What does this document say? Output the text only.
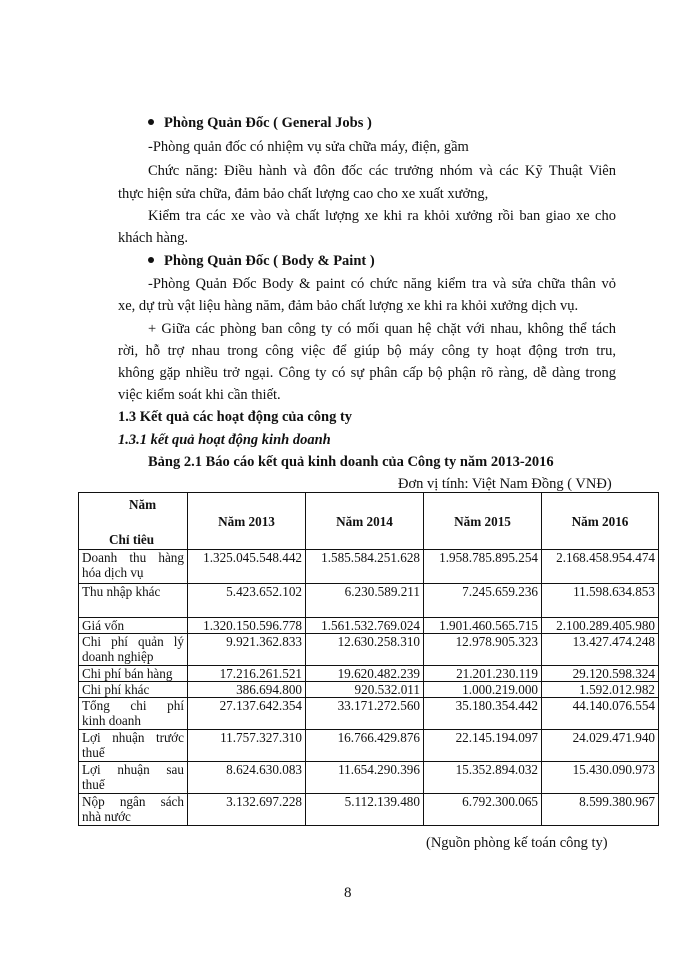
Phòng Quản Đốc ( General Jobs )
-Phòng quản đốc có nhiệm vụ sửa chữa máy, điện, gầm
Chức năng: Điều hành và đôn đốc các trưởng nhóm và các Kỹ Thuật Viên
thực hiện sửa chữa, đảm bảo chất lượng cao cho xe xuất xưởng,
Kiểm tra các xe vào và chất lượng xe khi ra khỏi xưởng rồi ban giao xe cho
khách hàng.
Phòng Quản Đốc ( Body & Paint )
-Phòng Quản Đốc Body & paint có chức năng kiểm tra và sửa chữa thân vỏ
xe, dự trù vật liệu hàng năm, đảm bảo chất lượng xe khi ra khỏi xưởng dịch vụ.
+ Giữa các phòng ban công ty có mối quan hệ chặt với nhau, không thể tách
rời, hỗ trợ nhau trong công việc để giúp bộ máy công ty hoạt động trơn tru,
không gặp nhiều trở ngại. Công ty có sự phân cấp bộ phận rõ ràng, dễ dàng trong
việc kiểm soát khi cần thiết.
1.3 Kết quả các hoạt động của công ty
1.3.1 kết quả hoạt động kinh doanh
Bảng 2.1 Báo cáo kết quả kinh doanh của Công ty năm 2013-2016
Đơn vị tính: Việt Nam Đồng ( VNĐ)
Năm
Chỉ tiêu	Năm 2013	Năm 2014	Năm 2015	Năm 2016

Doanh thu hàng
hóa dịch vụ	1.325.045.548.442	1.585.584.251.628	1.958.785.895.254	2.168.458.954.474
Thu nhập khác	5.423.652.102	6.230.589.211	7.245.659.236	11.598.634.853
Giá vốn	1.320.150.596.778	1.561.532.769.024	1.901.460.565.715	2.100.289.405.980

Chi phí quản lý
doanh nghiệp	9.921.362.833	12.630.258.310	12.978.905.323	13.427.474.248
Chi phí bán hàng	17.216.261.521	19.620.482.239	21.201.230.119	29.120.598.324
Chi phí khác	386.694.800	920.532.011	1.000.219.000	1.592.012.982

Tổng chi phí
kinh doanh	27.137.642.354	33.171.272.560	35.180.354.442	44.140.076.554

Lợi nhuận trước
thuế	11.757.327.310	16.766.429.876	22.145.194.097	24.029.471.940

Lợi nhuận sau
thuế	8.624.630.083	11.654.290.396	15.352.894.032	15.430.090.973

Nộp ngân sách
nhà nước	3.132.697.228	5.112.139.480	6.792.300.065	8.599.380.967
(Nguồn phòng kế toán công ty)
8
